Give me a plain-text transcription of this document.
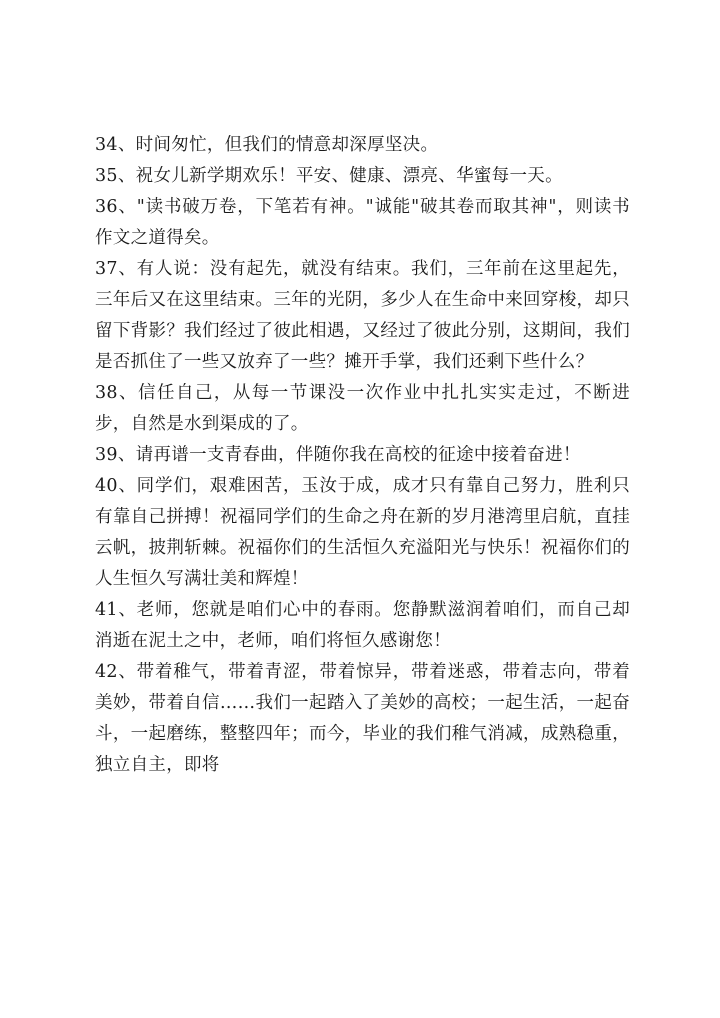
34、时间匆忙，但我们的情意却深厚坚决。

35、祝女儿新学期欢乐！平安、健康、漂亮、华蜜每一天。

36、"读书破万卷，下笔若有神。"诚能"破其卷而取其神"，则读书作文之道得矣。

37、有人说：没有起先，就没有结束。我们，三年前在这里起先，三年后又在这里结束。三年的光阴，多少人在生命中来回穿梭，却只留下背影？我们经过了彼此相遇，又经过了彼此分别，这期间，我们是否抓住了一些又放弃了一些？摊开手掌，我们还剩下些什么？

38、信任自己，从每一节课没一次作业中扎扎实实走过，不断进步，自然是水到渠成的了。

39、请再谱一支青春曲，伴随你我在高校的征途中接着奋进！

40、同学们，艰难困苦，玉汝于成，成才只有靠自己努力，胜利只有靠自己拼搏！祝福同学们的生命之舟在新的岁月港湾里启航，直挂云帆，披荆斩棘。祝福你们的生活恒久充溢阳光与快乐！祝福你们的人生恒久写满壮美和辉煌！

41、老师，您就是咱们心中的春雨。您静默滋润着咱们，而自己却消逝在泥土之中，老师，咱们将恒久感谢您！

42、带着稚气，带着青涩，带着惊异，带着迷惑，带着志向，带着美妙，带着自信……我们一起踏入了美妙的高校；一起生活，一起奋斗，一起磨练，整整四年；而今，毕业的我们稚气消减，成熟稳重，独立自主，即将
